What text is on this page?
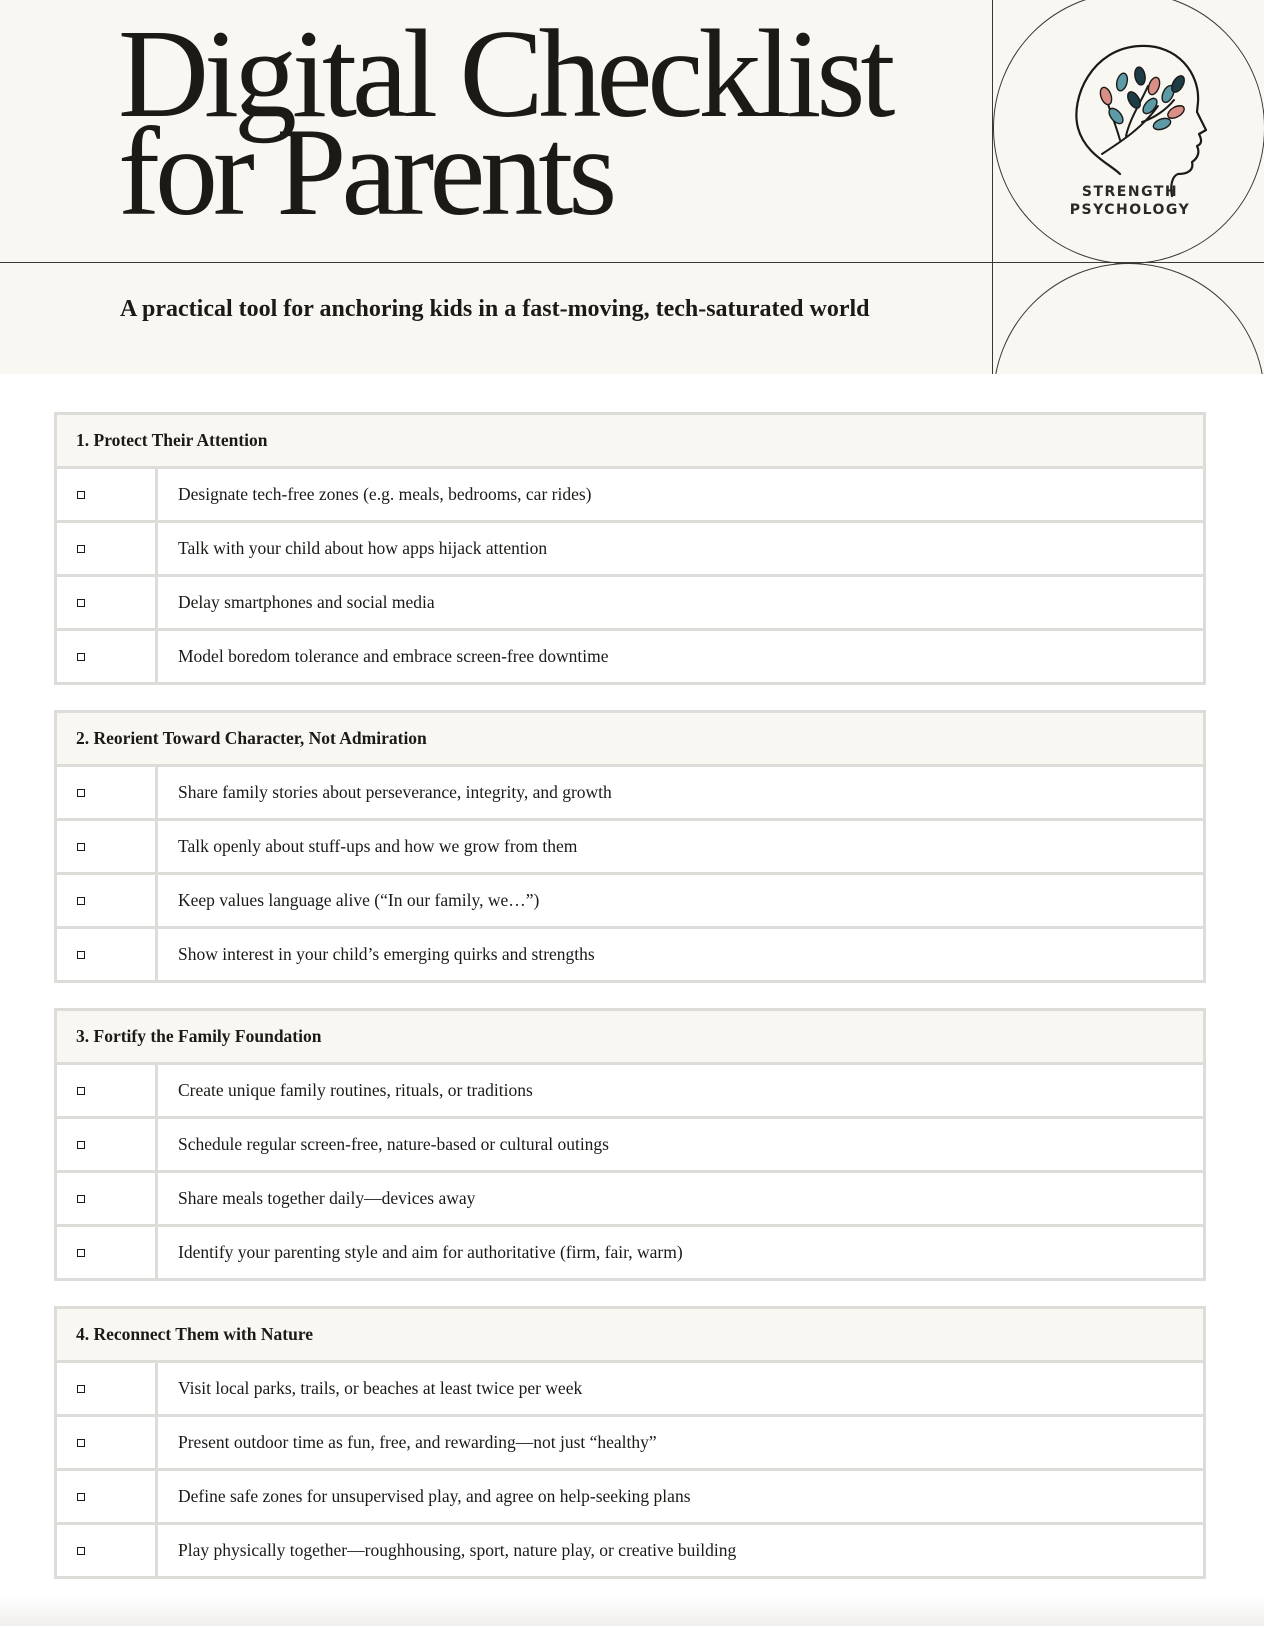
Digital Checklist
for Parents	STRENGTH
PSYCHOLOGY

A practical tool for anchoring kids in a fast-moving, tech-saturated world

1. Protect Their Attention
Designate tech-free zones (e.g. meals, bedrooms, car rides)
Talk with your child about how apps hijack attention
Delay smartphones and social media
Model boredom tolerance and embrace screen-free downtime
2. Reorient Toward Character, Not Admiration
Share family stories about perseverance, integrity, and growth
Talk openly about stuff-ups and how we grow from them
Keep values language alive (“In our family, we…”)
Show interest in your child’s emerging quirks and strengths
3. Fortify the Family Foundation
Create unique family routines, rituals, or traditions
Schedule regular screen-free, nature-based or cultural outings
Share meals together daily—devices away
Identify your parenting style and aim for authoritative (firm, fair, warm)
4. Reconnect Them with Nature
Visit local parks, trails, or beaches at least twice per week
Present outdoor time as fun, free, and rewarding—not just “healthy”
Define safe zones for unsupervised play, and agree on help-seeking plans
Play physically together—roughhousing, sport, nature play, or creative building
